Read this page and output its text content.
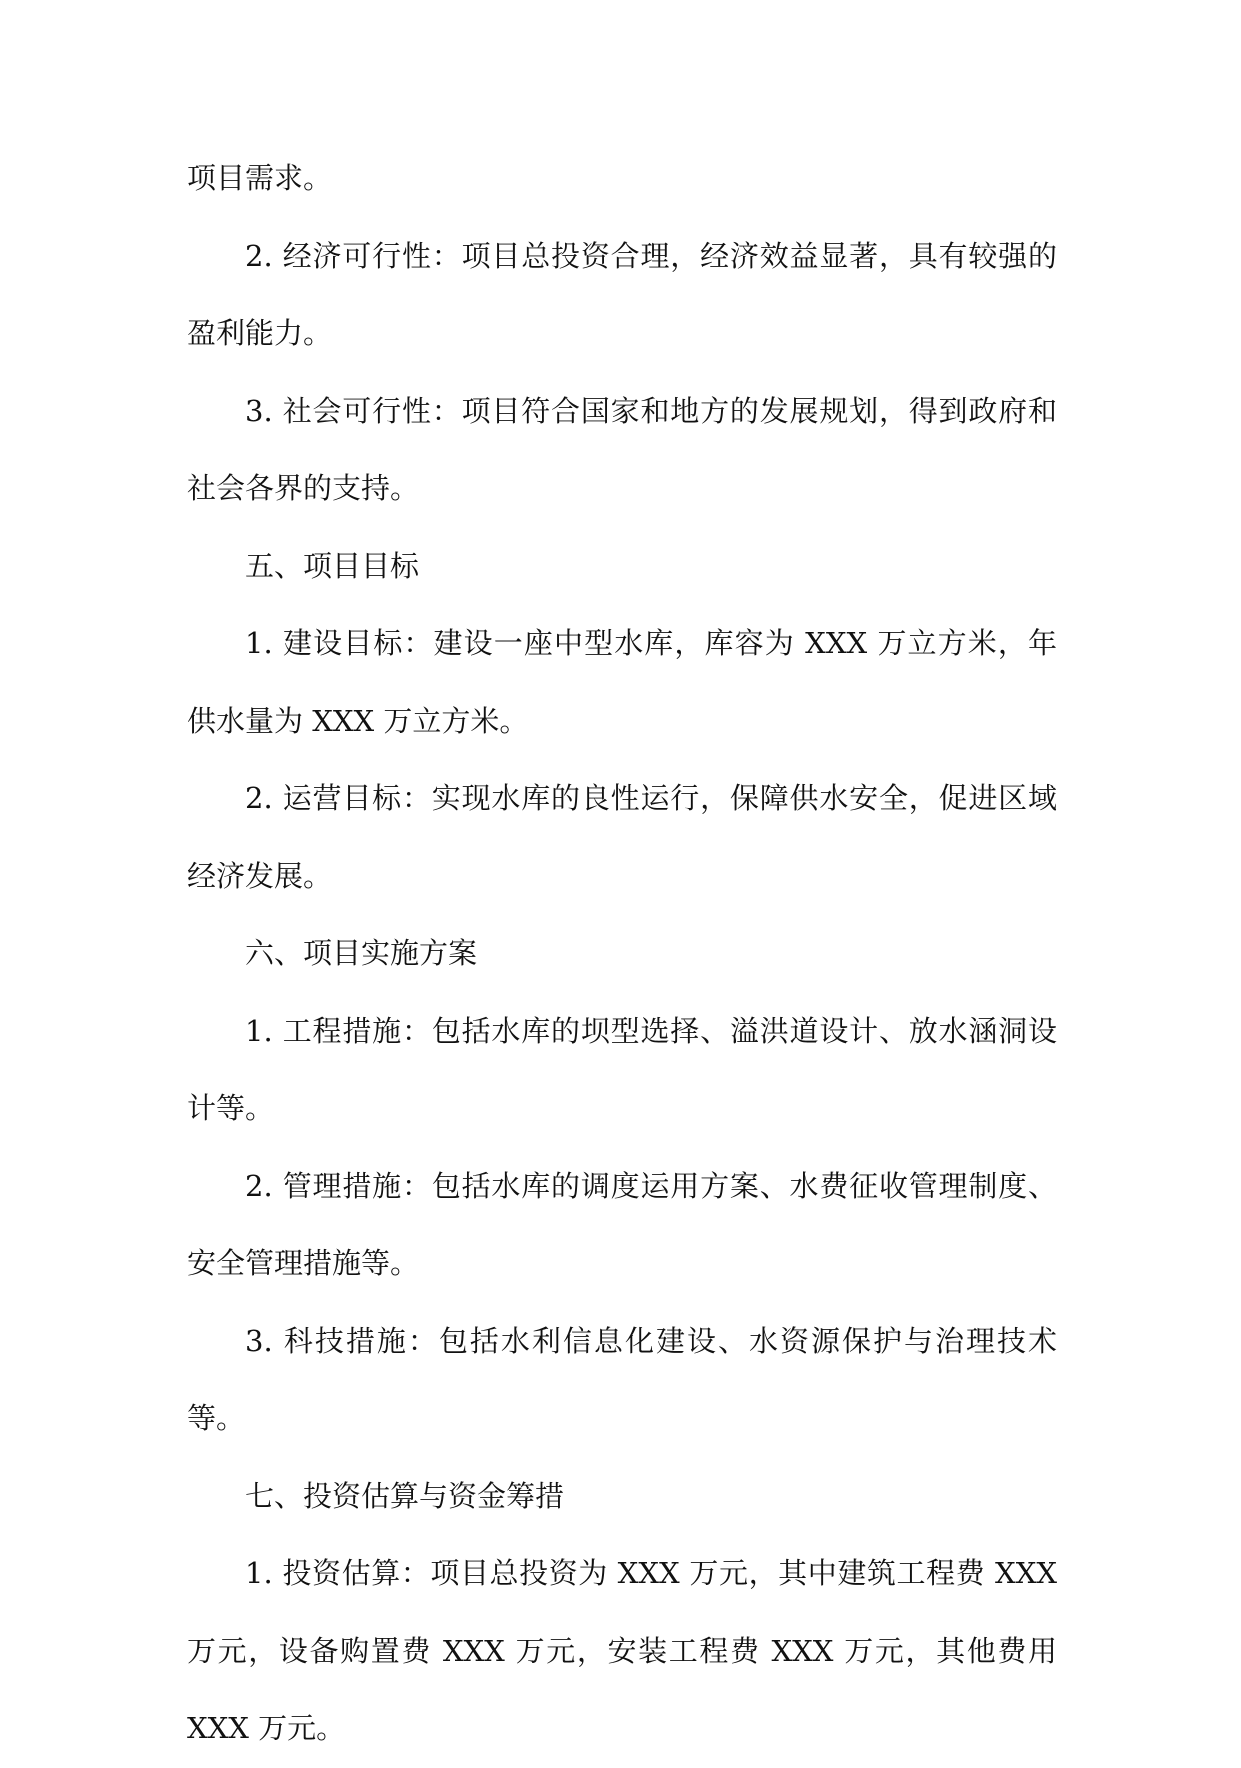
项目需求。

2. 经济可行性：项目总投资合理，经济效益显著，具有较强的盈利能力。

3. 社会可行性：项目符合国家和地方的发展规划，得到政府和社会各界的支持。

五、项目目标

1. 建设目标：建设一座中型水库，库容为 XXX 万立方米，年供水量为 XXX 万立方米。

2. 运营目标：实现水库的良性运行，保障供水安全，促进区域经济发展。

六、项目实施方案

1. 工程措施：包括水库的坝型选择、溢洪道设计、放水涵洞设计等。

2. 管理措施：包括水库的调度运用方案、水费征收管理制度、安全管理措施等。

3. 科技措施：包括水利信息化建设、水资源保护与治理技术等。

七、投资估算与资金筹措

1. 投资估算：项目总投资为 XXX 万元，其中建筑工程费 XXX 万元，设备购置费 XXX 万元，安装工程费 XXX 万元，其他费用 XXX 万元。
